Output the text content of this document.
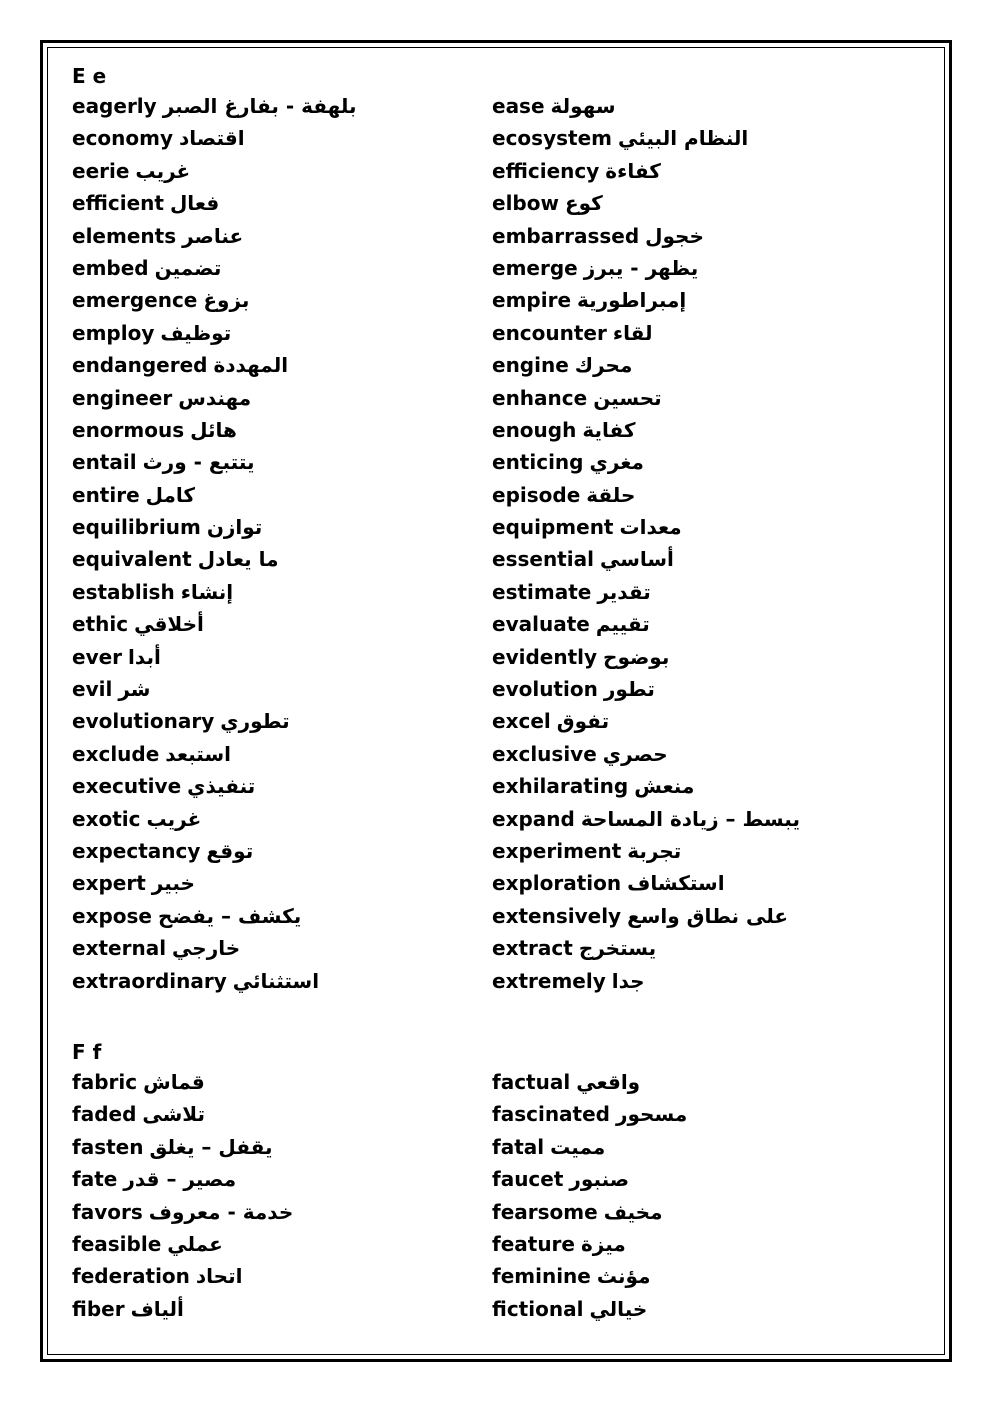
E e
eagerly بلهفة - بفارغ الصبر
economy اقتصاد
eerie غريب
efficient فعال
elements عناصر
embed تضمين
emergence بزوغ
employ توظيف
endangered المهددة
engineer مهندس
enormous هائل
entail يتتبع - ورث
entire كامل
equilibrium توازن
equivalent ما يعادل
establish إنشاء
ethic أخلاقي
ever أبدا
evil شر
evolutionary تطوري
exclude استبعد
executive تنفيذي
exotic غريب
expectancy توقع
expert خبير
expose يكشف – يفضح
external خارجي
extraordinary استثنائي
ease سهولة
ecosystem النظام البيئي
efficiency كفاءة
elbow كوع
embarrassed خجول
emerge يظهر - يبرز
empire إمبراطورية
encounter لقاء
engine محرك
enhance تحسين
enough كفاية
enticing مغري
episode حلقة
equipment معدات
essential أساسي
estimate تقدير
evaluate تقييم
evidently بوضوح
evolution تطور
excel تفوق
exclusive حصري
exhilarating منعش
expand يبسط – زيادة المساحة
experiment تجربة
exploration استكشاف
extensively على نطاق واسع
extract يستخرج
extremely جدا
F f
fabric قماش
faded تلاشى
fasten يقفل – يغلق
fate مصير – قدر
favors خدمة - معروف
feasible عملي
federation اتحاد
fiber ألياف
factual واقعي
fascinated مسحور
fatal مميت
faucet صنبور
fearsome مخيف
feature ميزة
feminine مؤنث
fictional خيالي
